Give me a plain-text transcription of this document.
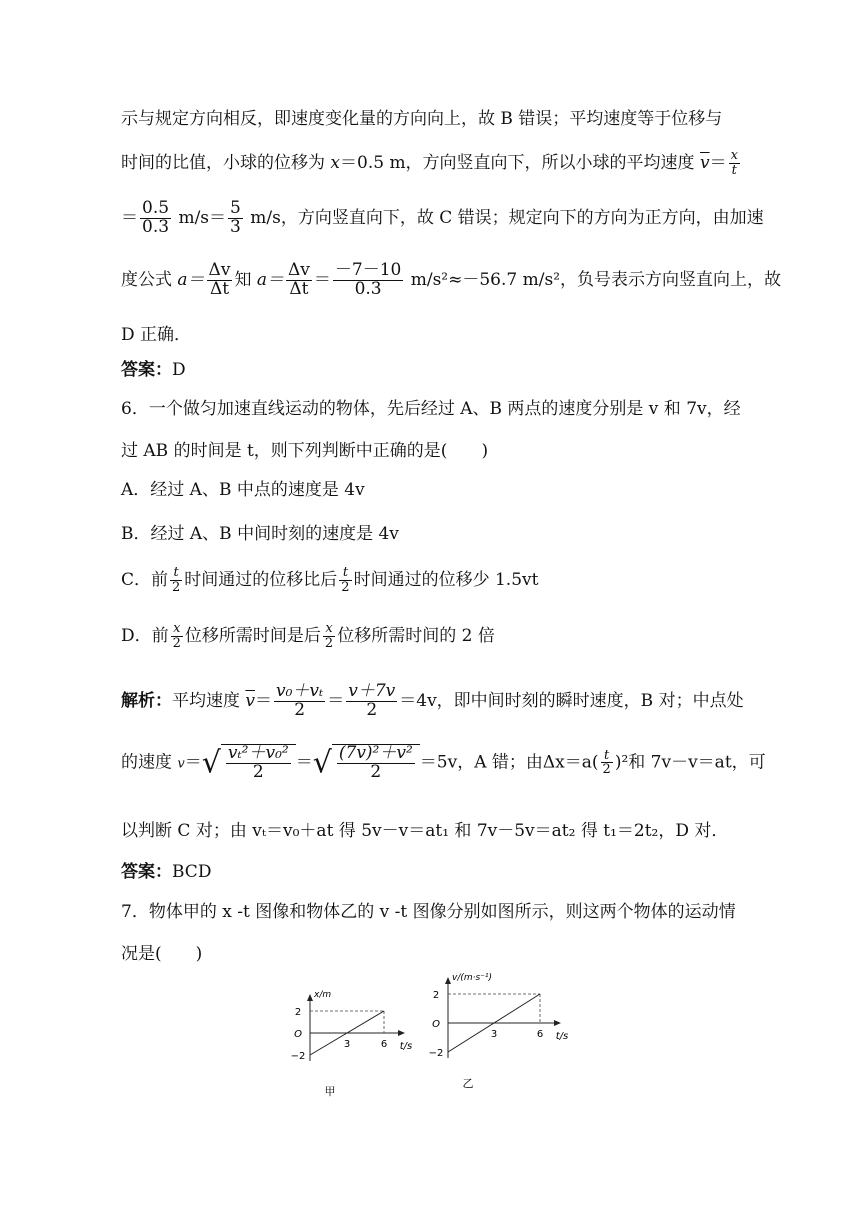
示与规定方向相反，即速度变化量的方向向上，故 B 错误；平均速度等于位移与
时间的比值，小球的位移为 x＝0.5 m，方向竖直向下，所以小球的平均速度 $\overline{v}= \frac{x}{t}$
＝ $\frac{0.5}{0.3} m/s= \frac{5}{3} m/s$，方向竖直向下，故 C 错误；规定向下的方向为正方向，由加速
度公式 $a= \frac{\Delta v}{\Delta t}$ 知 $a= \frac{\Delta v}{\Delta t} = \frac{-7-10}{0.3} m/s^2\approx-56.7$ m/s²，负号表示方向竖直向上，故
D 正确．
答案：D
6．一个做匀加速直线运动的物体，先后经过 A、B 两点的速度分别是 v 和 7v，经
过 AB 的时间是 t，则下列判断中正确的是(　　)
A．经过 A、B 中点的速度是 4v
B．经过 A、B 中间时刻的速度是 4v
C．前 $\frac{t}{2}$ 时间通过的位移比后 $\frac{t}{2}$ 时间通过的位移少 1.5vt
D．前 $\frac{x}{2}$ 位移所需时间是后 $\frac{x}{2}$ 位移所需时间的 2 倍
解析：平均速度 $\overline{v}= \frac{\text{v₀＋vₜ}}{2} = \frac{v+7v}{2} =4v$，即中间时刻的瞬时速度，B 对；中点处
的速度 $v=√ \frac{\text{vₜ²＋v₀²}}{2}$ ＝√ $\frac{\text{(7v)²＋v²}}{2} =5v$，A 错；由$\Delta x=a( \frac{t}{2} )^2$和 7v－v＝at，可
以判断 C 对；由 vₜ＝v₀＋at 得 5v－v＝at₁ 和 7v－5v＝at₂ 得 t₁＝2t₂，D 对．
答案：BCD
7．物体甲的 x -t 图像和物体乙的 v -t 图像分别如图所示，则这两个物体的运动情
况是(　　)
2
O
−2
3	6 t/s
x/m
甲
2
O
−2
3	6 t/s
v/(m·s⁻¹)
乙
